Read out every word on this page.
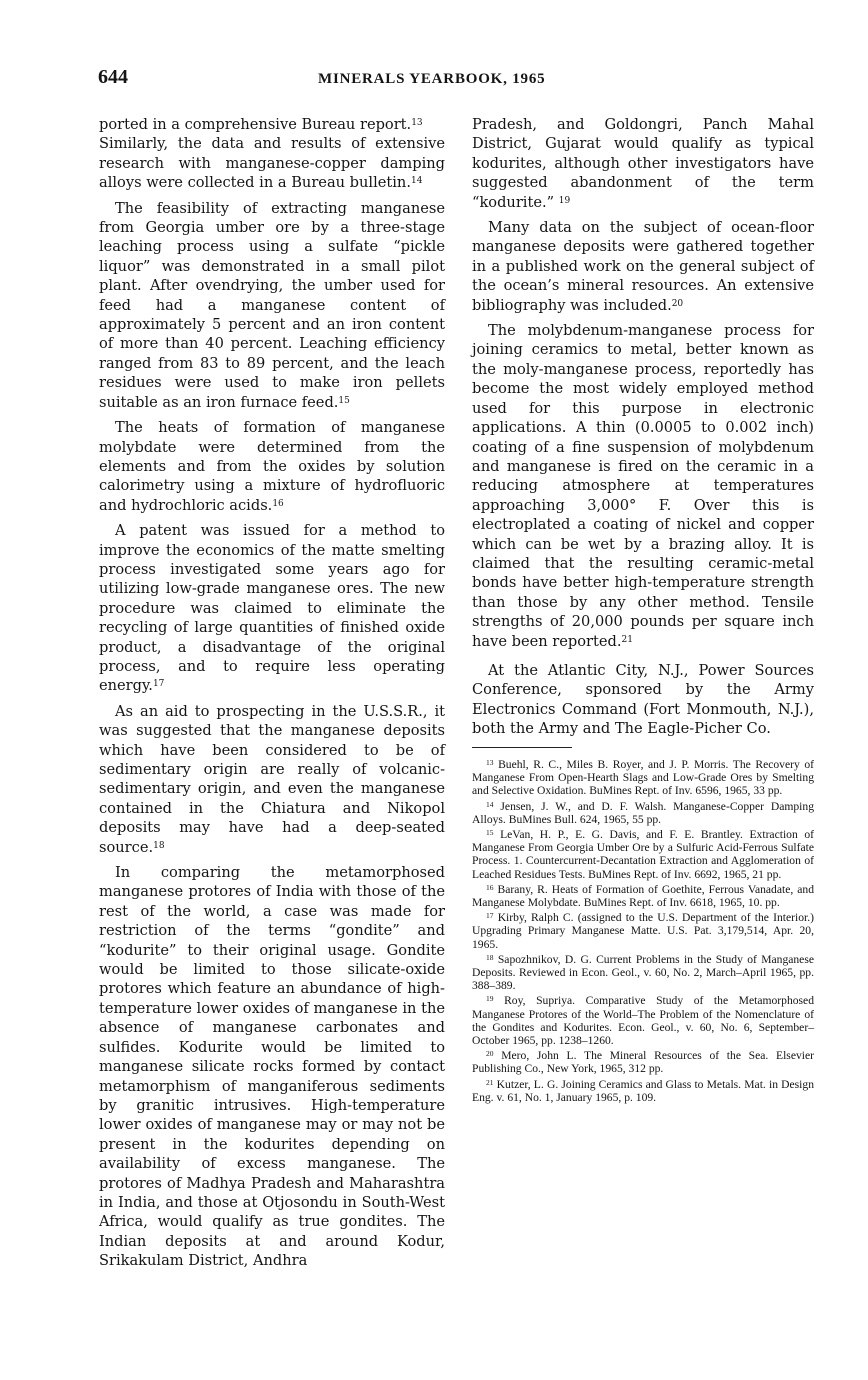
644	MINERALS YEARBOOK, 1965

ported in a comprehensive Bureau report.$^{13}$

Similarly, the data and results of extensive research with manganese-copper damping alloys were collected in a Bureau bulletin.$^{14}$

The feasibility of extracting manganese from Georgia umber ore by a three-stage leaching process using a sulfate “pickle liquor” was demonstrated in a small pilot plant. After ovendrying, the umber used for feed had a manganese content of approximately 5 percent and an iron content of more than 40 percent. Leaching efficiency ranged from 83 to 89 percent, and the leach residues were used to make iron pellets suitable as an iron furnace feed.$^{15}$

The heats of formation of manganese molybdate were determined from the elements and from the oxides by solution calorimetry using a mixture of hydrofluoric and hydrochloric acids.$^{16}$

A patent was issued for a method to improve the economics of the matte smelting process investigated some years ago for utilizing low-grade manganese ores. The new procedure was claimed to eliminate the recycling of large quantities of finished oxide product, a disadvantage of the original process, and to require less operating energy.$^{17}$

As an aid to prospecting in the U.S.S.R., it was suggested that the manganese deposits which have been considered to be of sedimentary origin are really of volcanic-sedimentary origin, and even the manganese contained in the Chiatura and Nikopol deposits may have had a deep-seated source.$^{18}$

In comparing the metamorphosed manganese protores of India with those of the rest of the world, a case was made for restriction of the terms “gondite” and “kodurite” to their original usage. Gondite would be limited to those silicate-oxide protores which feature an abundance of high-temperature lower oxides of manganese in the absence of manganese carbonates and sulfides. Kodurite would be limited to manganese silicate rocks formed by contact metamorphism of manganiferous sediments by granitic intrusives. High-temperature lower oxides of manganese may or may not be present in the kodurites depending on availability of excess manganese. The protores of Madhya Pradesh and Maharashtra in India, and those at Otjosondu in South-West Africa, would qualify as true gondites. The Indian deposits at and around Kodur, Srikakulam District, Andhra

Pradesh, and Goldongri, Panch Mahal District, Gujarat would qualify as typical kodurites, although other investigators have suggested abandonment of the term “kodurite.” $^{19}$

Many data on the subject of ocean-floor manganese deposits were gathered together in a published work on the general subject of the ocean’s mineral resources. An extensive bibliography was included.$^{20}$

The molybdenum-manganese process for joining ceramics to metal, better known as the moly-manganese process, reportedly has become the most widely employed method used for this purpose in electronic applications. A thin (0.0005 to 0.002 inch) coating of a fine suspension of molybdenum and manganese is fired on the ceramic in a reducing atmosphere at temperatures approaching 3,000° F. Over this is electroplated a coating of nickel and copper which can be wet by a brazing alloy. It is claimed that the resulting ceramic-metal bonds have better high-temperature strength than those by any other method. Tensile strengths of 20,000 pounds per square inch have been reported.$^{21}$

At the Atlantic City, N.J., Power Sources Conference, sponsored by the Army Electronics Command (Fort Monmouth, N.J.), both the Army and The Eagle-Picher Co.

$^{13}$ Buehl, R. C., Miles B. Royer, and J. P. Morris. The Recovery of Manganese From Open-Hearth Slags and Low-Grade Ores by Smelting and Selective Oxidation. BuMines Rept. of Inv. 6596, 1965, 33 pp.

$^{14}$ Jensen, J. W., and D. F. Walsh. Manganese-Copper Damping Alloys. BuMines Bull. 624, 1965, 55 pp.

$^{15}$ LeVan, H. P., E. G. Davis, and F. E. Brantley. Extraction of Manganese From Georgia Umber Ore by a Sulfuric Acid-Ferrous Sulfate Process. 1. Countercurrent-Decantation Extraction and Agglomeration of Leached Residues Tests. BuMines Rept. of Inv. 6692, 1965, 21 pp.

$^{16}$ Barany, R. Heats of Formation of Goethite, Ferrous Vanadate, and Manganese Molybdate. BuMines Rept. of Inv. 6618, 1965, 10. pp.

$^{17}$ Kirby, Ralph C. (assigned to the U.S. Department of the Interior.) Upgrading Primary Manganese Matte. U.S. Pat. 3,179,514, Apr. 20, 1965.

$^{18}$ Sapozhnikov, D. G. Current Problems in the Study of Manganese Deposits. Reviewed in Econ. Geol., v. 60, No. 2, March–April 1965, pp. 388–389.

$^{19}$ Roy, Supriya. Comparative Study of the Metamorphosed Manganese Protores of the World–The Problem of the Nomenclature of the Gondites and Kodurites. Econ. Geol., v. 60, No. 6, September–October 1965, pp. 1238–1260.

$^{20}$ Mero, John L. The Mineral Resources of the Sea. Elsevier Publishing Co., New York, 1965, 312 pp.

$^{21}$ Kutzer, L. G. Joining Ceramics and Glass to Metals. Mat. in Design Eng. v. 61, No. 1, January 1965, p. 109.
